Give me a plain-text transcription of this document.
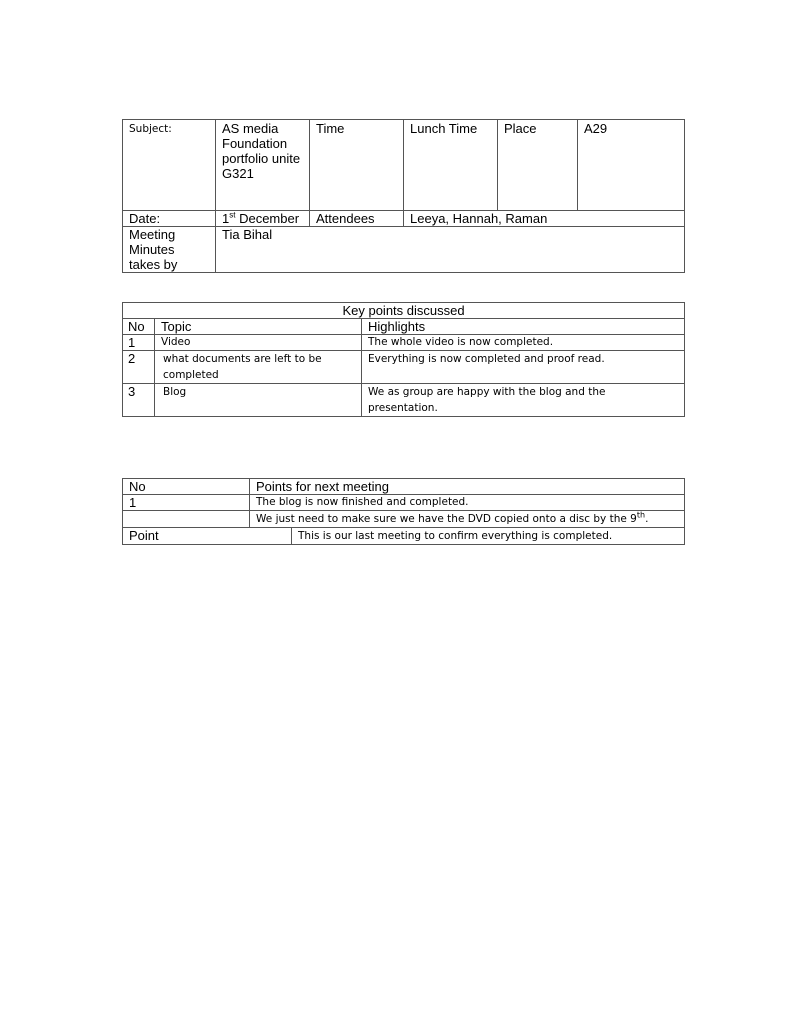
Subject:	AS media Foundation portfolio unite G321	Time	Lunch Time	Place	A29
Date:	1st December	Attendees	Leeya, Hannah, Raman		
Meeting Minutes takes by	Tia Bihal				
Key points discussed		
No	Topic	Highlights
1	Video	The whole video is now completed.
2	what documents are left to be completed	Everything is now completed and proof read.
3	Blog	We as group are happy with the blog and the presentation.
No	Points for next meeting	
1	The blog is now finished and completed.	
	We just need to make sure we have the DVD copied onto a disc by the 9th.	
Point		This is our last meeting to confirm everything is completed.
